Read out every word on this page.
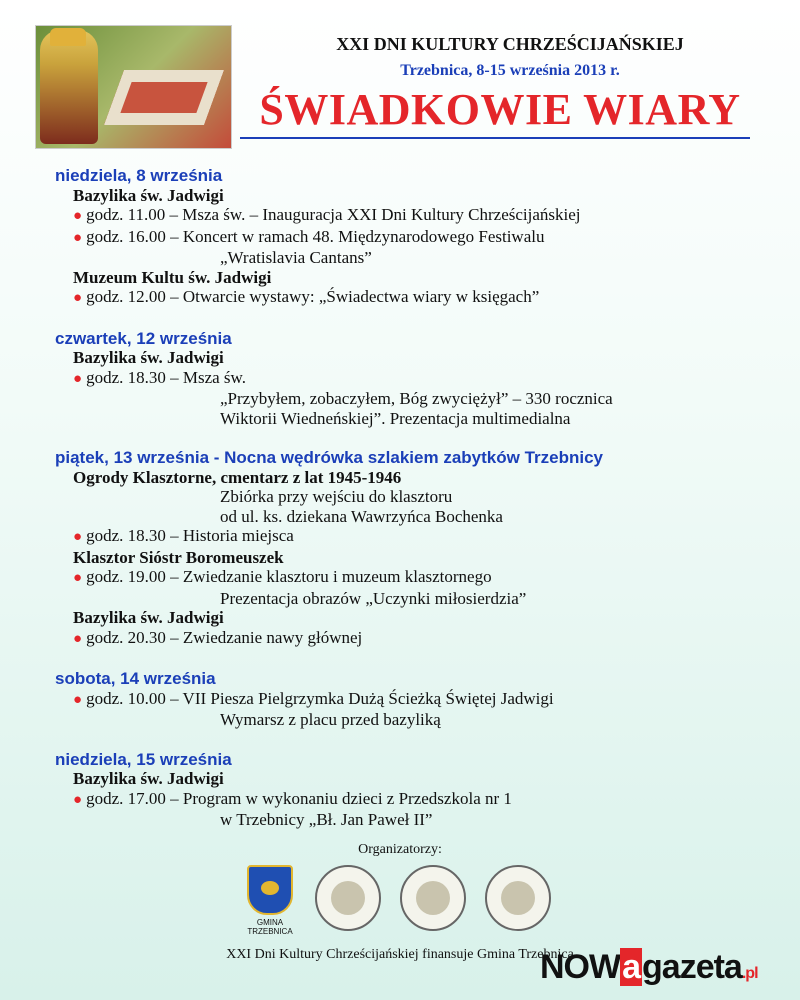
XXI DNI KULTURY CHRZEŚCIJAŃSKIEJ
Trzebnica, 8-15 września 2013 r.
ŚWIADKOWIE WIARY
niedziela, 8 września
Bazylika św. Jadwigi
● godz. 11.00 – Msza św. – Inauguracja XXI Dni Kultury Chrześcijańskiej
● godz. 16.00 – Koncert w ramach 48. Międzynarodowego Festiwalu
„Wratislavia Cantans”
Muzeum Kultu św. Jadwigi
● godz. 12.00 – Otwarcie wystawy: „Świadectwa wiary w księgach”
czwartek, 12 września
Bazylika św. Jadwigi
● godz. 18.30 – Msza św.
„Przybyłem, zobaczyłem, Bóg zwyciężył” – 330 rocznica
Wiktorii Wiedneńskiej”. Prezentacja multimedialna
piątek, 13 września - Nocna wędrówka szlakiem zabytków Trzebnicy
Ogrody Klasztorne, cmentarz z lat 1945-1946
Zbiórka przy wejściu do klasztoru
od ul. ks. dziekana Wawrzyńca Bochenka
● godz. 18.30 – Historia miejsca
Klasztor Sióstr Boromeuszek
● godz. 19.00 – Zwiedzanie klasztoru i muzeum klasztornego
Prezentacja obrazów „Uczynki miłosierdzia”
Bazylika św. Jadwigi
● godz. 20.30 – Zwiedzanie nawy głównej
sobota, 14 września
● godz. 10.00 – VII Piesza Pielgrzymka Dużą Ścieżką Świętej Jadwigi
Wymarsz z placu przed bazyliką
niedziela, 15 września
Bazylika św. Jadwigi
● godz. 17.00 – Program w wykonaniu dzieci z Przedszkola nr 1
w Trzebnicy „Bł. Jan Paweł II”
Organizatorzy:
GMINA
TRZEBNICA
XXI Dni Kultury Chrześcijańskiej finansuje Gmina Trzebnica
NOWagazeta.pl
